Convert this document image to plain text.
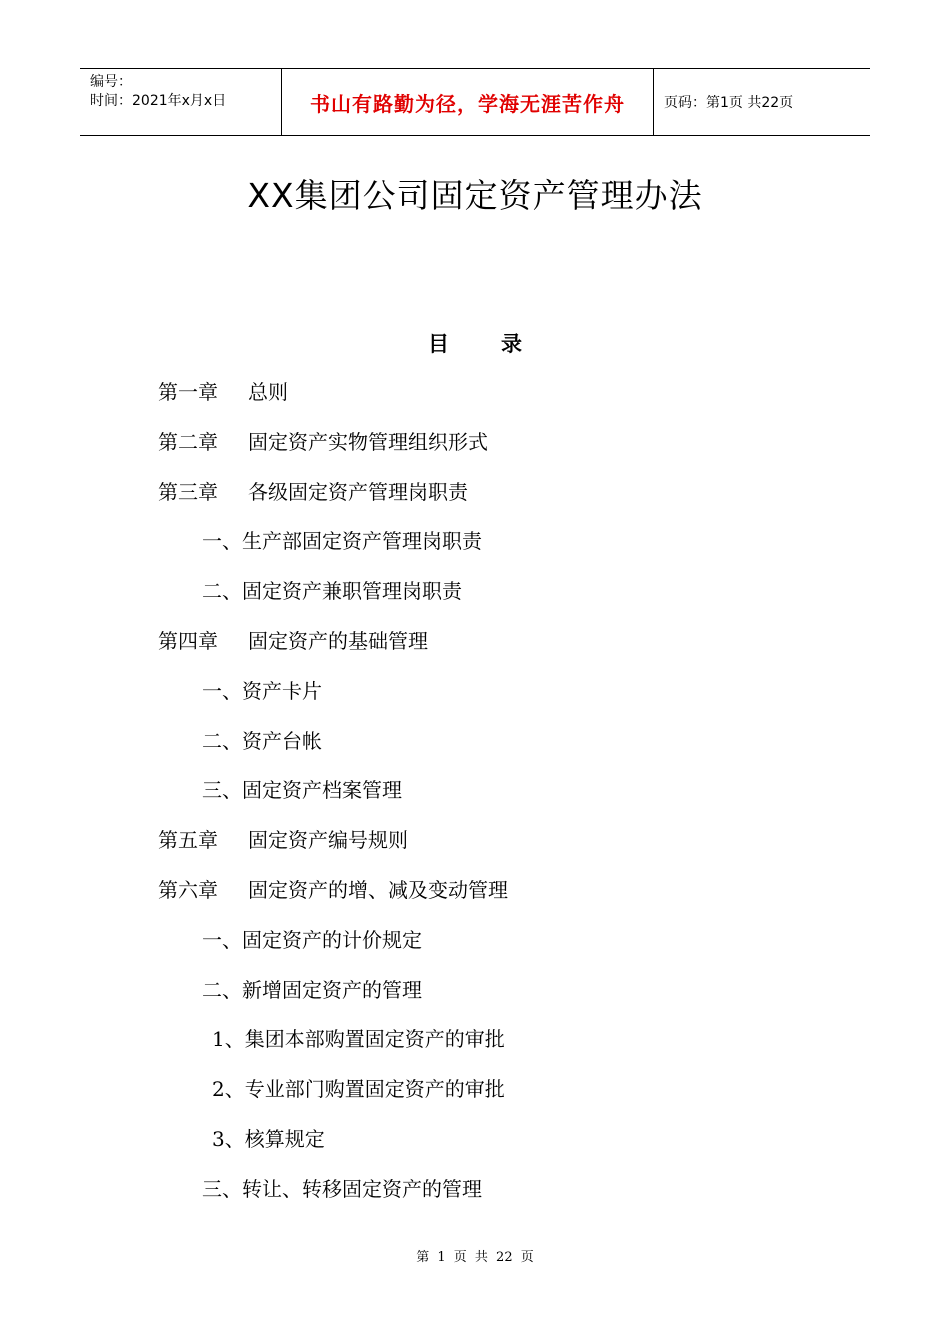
编号：
时间：2021年x月x日	书山有路勤为径，学海无涯苦作舟	页码：第1页 共22页
XX集团公司固定资产管理办法
目录
第一章	总则
第二章	固定资产实物管理组织形式
第三章	各级固定资产管理岗职责
一、 生产部固定资产管理岗职责
二、 固定资产兼职管理岗职责
第四章	固定资产的基础管理
一、 资产卡片
二、 资产台帐
三、 固定资产档案管理
第五章	固定资产编号规则
第六章	固定资产的增、减及变动管理
一、 固定资产的计价规定
二、 新增固定资产的管理
1、 集团本部购置固定资产的审批
2、 专业部门购置固定资产的审批
3、 核算规定
三、 转让、转移固定资产的管理
第 1 页 共 22 页
